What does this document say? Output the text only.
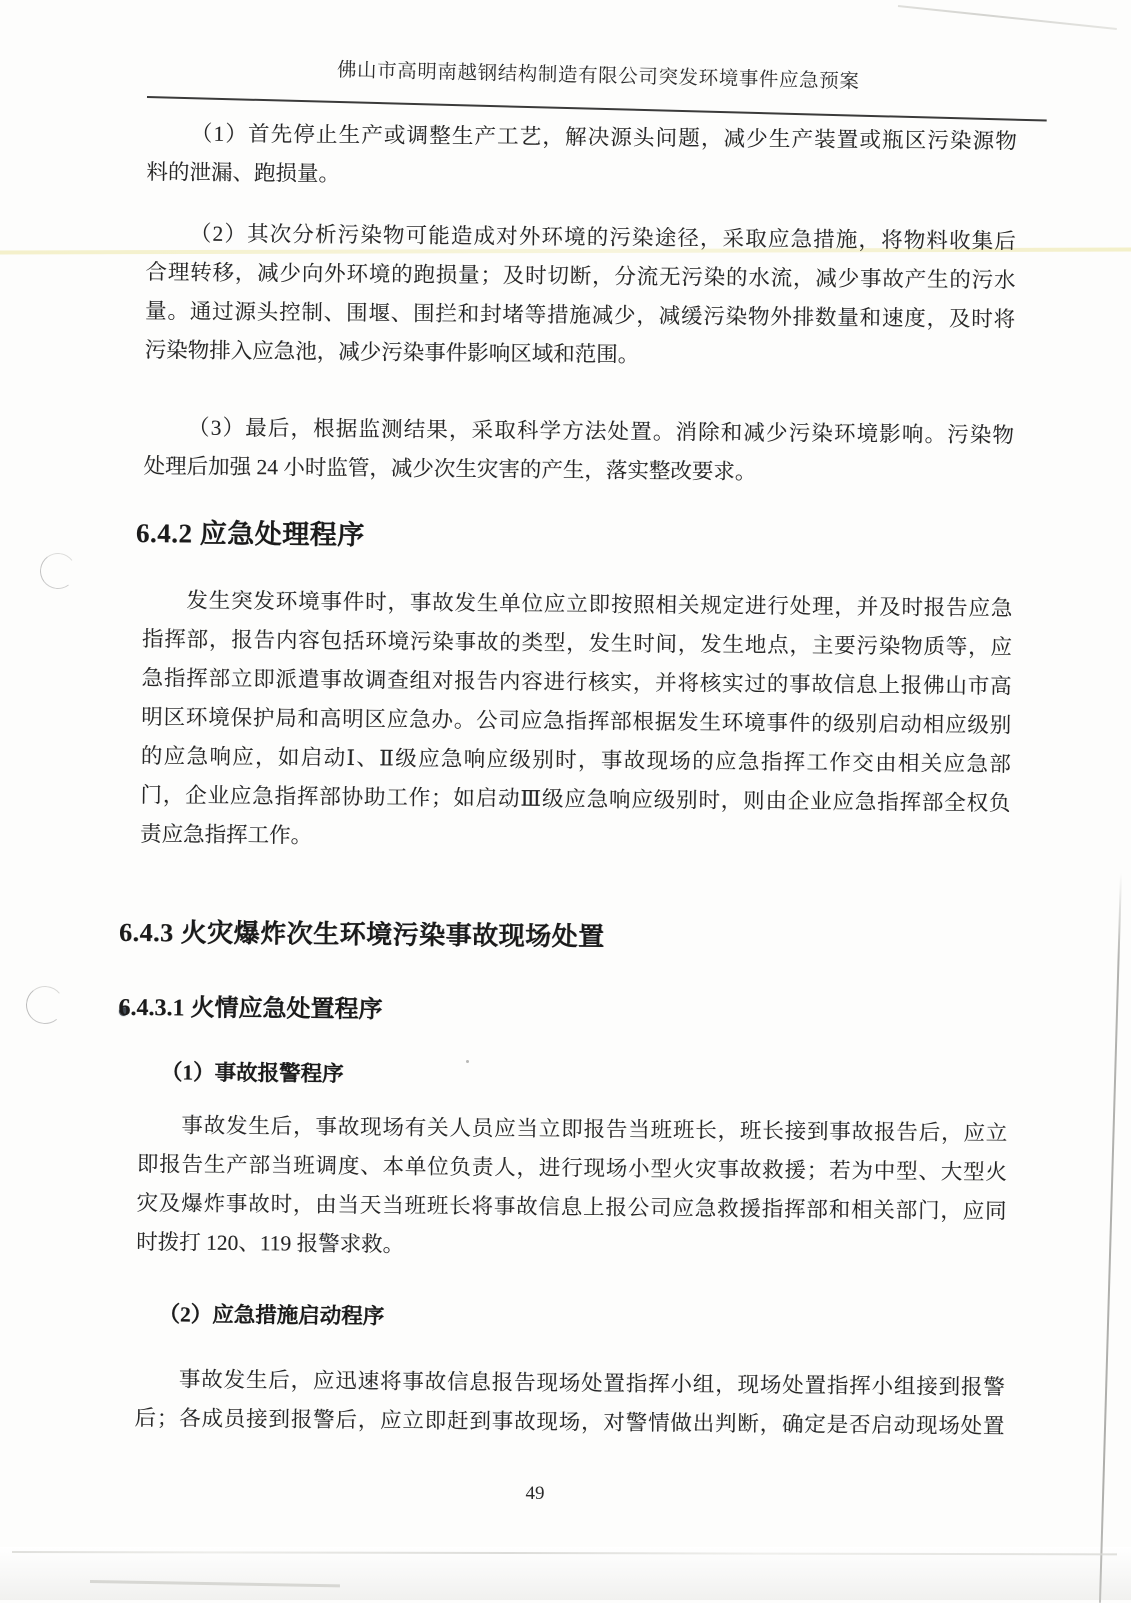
佛山市高明南越钢结构制造有限公司突发环境事件应急预案
（1）首先停止生产或调整生产工艺，解决源头问题，减少生产装置或瓶区污染源物
料的泄漏、跑损量。
（2）其次分析污染物可能造成对外环境的污染途径，采取应急措施，将物料收集后
合理转移，减少向外环境的跑损量；及时切断，分流无污染的水流，减少事故产生的污水
量。通过源头控制、围堰、围拦和封堵等措施减少，减缓污染物外排数量和速度，及时将
污染物排入应急池，减少污染事件影响区域和范围。
（3）最后，根据监测结果，采取科学方法处置。消除和减少污染环境影响。污染物
处理后加强 24 小时监管，减少次生灾害的产生，落实整改要求。
6.4.2 应急处理程序
发生突发环境事件时，事故发生单位应立即按照相关规定进行处理，并及时报告应急
指挥部，报告内容包括环境污染事故的类型，发生时间，发生地点，主要污染物质等，应
急指挥部立即派遣事故调查组对报告内容进行核实，并将核实过的事故信息上报佛山市高
明区环境保护局和高明区应急办。公司应急指挥部根据发生环境事件的级别启动相应级别
的应急响应，如启动Ⅰ、Ⅱ级应急响应级别时，事故现场的应急指挥工作交由相关应急部
门，企业应急指挥部协助工作；如启动Ⅲ级应急响应级别时，则由企业应急指挥部全权负
责应急指挥工作。
6.4.3 火灾爆炸次生环境污染事故现场处置
6.4.3.1 火情应急处置程序
（1）事故报警程序
事故发生后，事故现场有关人员应当立即报告当班班长，班长接到事故报告后，应立
即报告生产部当班调度、本单位负责人，进行现场小型火灾事故救援；若为中型、大型火
灾及爆炸事故时，由当天当班班长将事故信息上报公司应急救援指挥部和相关部门，应同
时拨打 120、119 报警求救。
（2）应急措施启动程序
事故发生后，应迅速将事故信息报告现场处置指挥小组，现场处置指挥小组接到报警
后；各成员接到报警后，应立即赶到事故现场，对警情做出判断，确定是否启动现场处置
49
